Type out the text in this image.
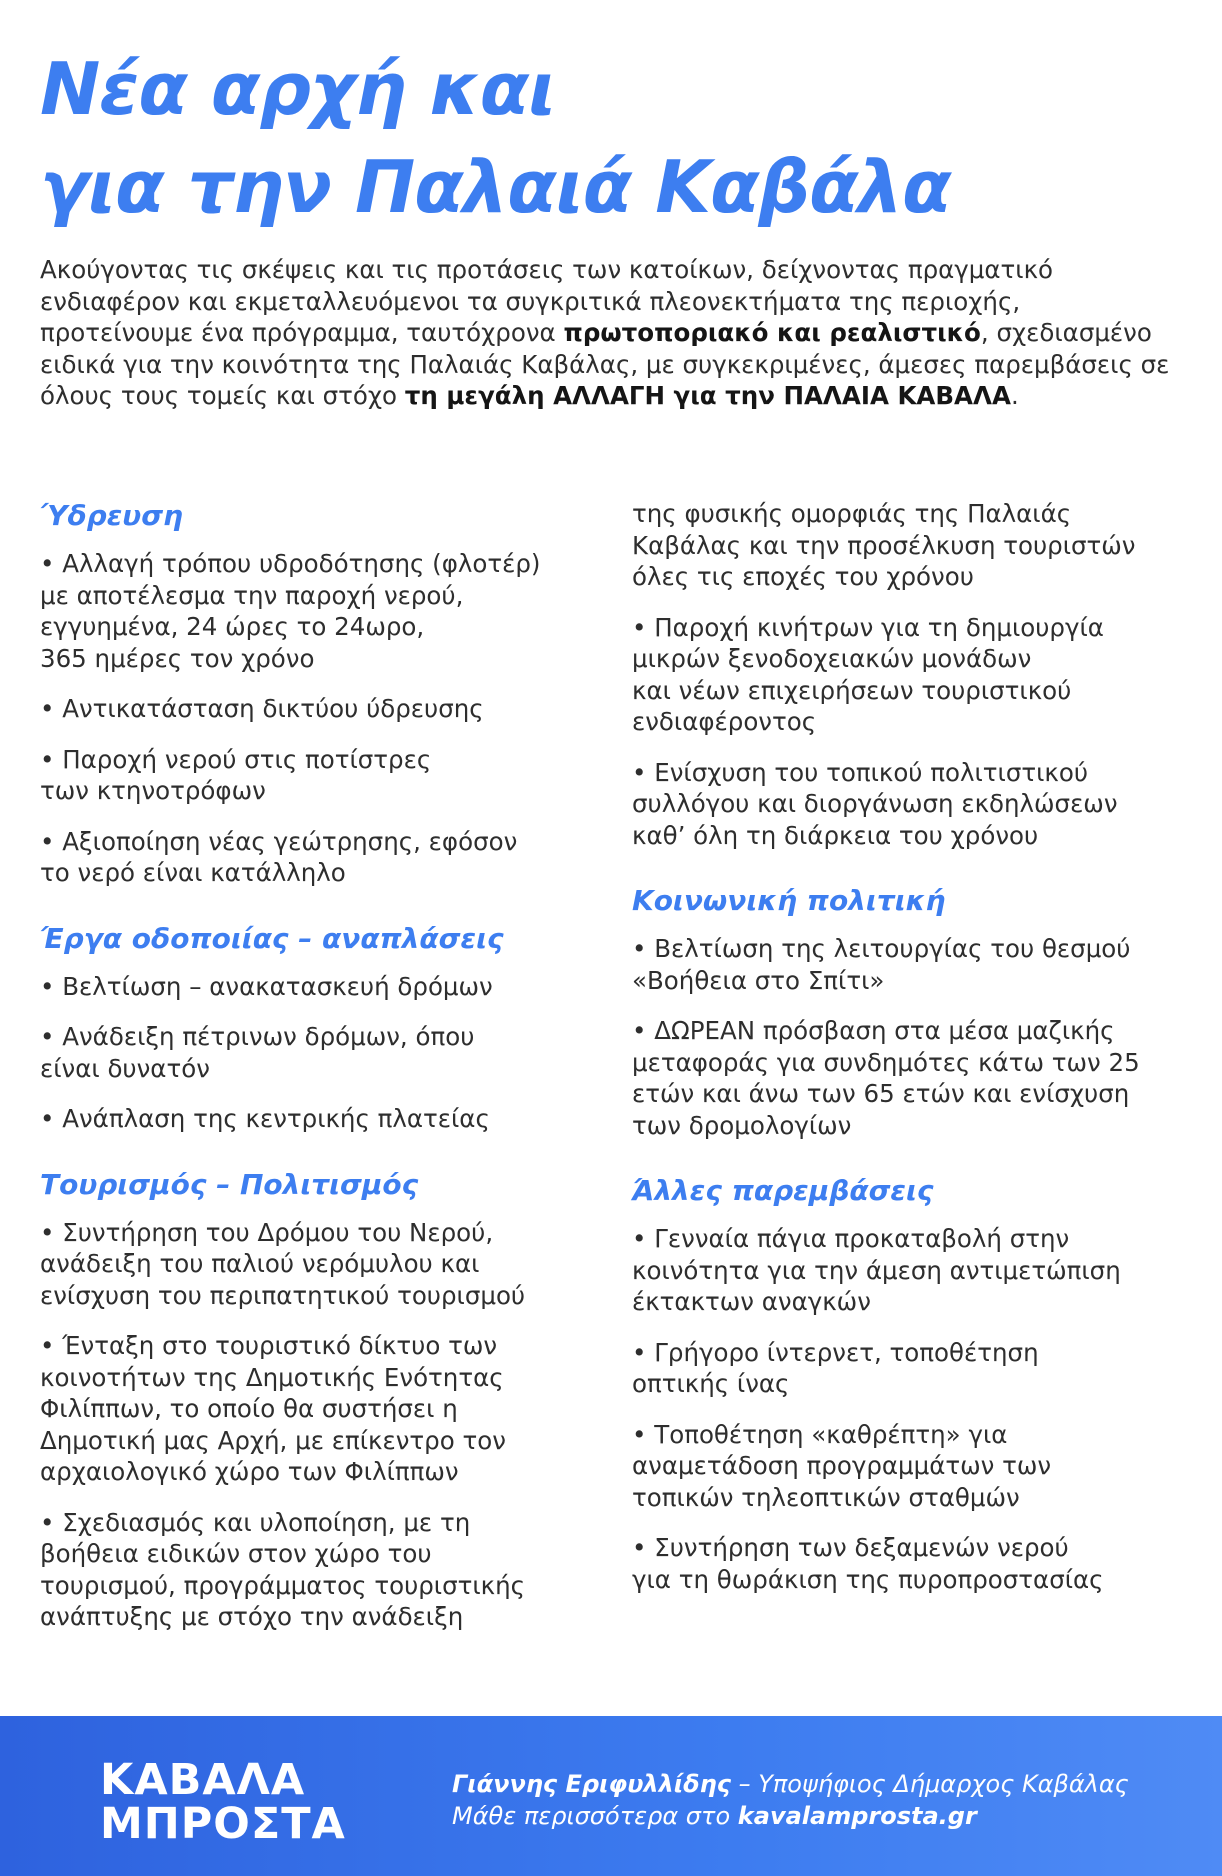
Νέα αρχή και
για την Παλαιά Καβάλα

Ακούγοντας τις σκέψεις και τις προτάσεις των κατοίκων, δείχνοντας πραγματικό ενδιαφέρον και εκμεταλλευόμενοι τα συγκριτικά πλεονεκτήματα της περιοχής, προτείνουμε ένα πρόγραμμα, ταυτόχρονα πρωτοποριακό και ρεαλιστικό, σχεδιασμένο ειδικά για την κοινότητα της Παλαιάς Καβάλας, με συγκεκριμένες, άμεσες παρεμβάσεις σε όλους τους τομείς και στόχο τη μεγάλη ΑΛΛΑΓΗ για την ΠΑΛΑΙΑ ΚΑΒΑΛΑ.

Ύδρευση

• Αλλαγή τρόπου υδροδότησης (φλοτέρ)
με αποτέλεσμα την παροχή νερού,
εγγυημένα, 24 ώρες το 24ωρο,
365 ημέρες τον χρόνο

• Αντικατάσταση δικτύου ύδρευσης

• Παροχή νερού στις ποτίστρες
των κτηνοτρόφων

• Αξιοποίηση νέας γεώτρησης, εφόσον
το νερό είναι κατάλληλο

Έργα οδοποιίας – αναπλάσεις

• Βελτίωση – ανακατασκευή δρόμων

• Ανάδειξη πέτρινων δρόμων, όπου
είναι δυνατόν

• Ανάπλαση της κεντρικής πλατείας

Τουρισμός – Πολιτισμός

• Συντήρηση του Δρόμου του Νερού,
ανάδειξη του παλιού νερόμυλου και
ενίσχυση του περιπατητικού τουρισμού

• Ένταξη στο τουριστικό δίκτυο των
κοινοτήτων της Δημοτικής Ενότητας
Φιλίππων, το οποίο θα συστήσει η
Δημοτική μας Αρχή, με επίκεντρο τον
αρχαιολογικό χώρο των Φιλίππων

• Σχεδιασμός και υλοποίηση, με τη
βοήθεια ειδικών στον χώρο του
τουρισμού, προγράμματος τουριστικής
ανάπτυξης με στόχο την ανάδειξη

της φυσικής ομορφιάς της Παλαιάς
Καβάλας και την προσέλκυση τουριστών
όλες τις εποχές του χρόνου

• Παροχή κινήτρων για τη δημιουργία
μικρών ξενοδοχειακών μονάδων
και νέων επιχειρήσεων τουριστικού
ενδιαφέροντος

• Ενίσχυση του τοπικού πολιτιστικού
συλλόγου και διοργάνωση εκδηλώσεων
καθ’ όλη τη διάρκεια του χρόνου

Κοινωνική πολιτική

• Βελτίωση της λειτουργίας του θεσμού
«Βοήθεια στο Σπίτι»

• ΔΩΡΕΑΝ πρόσβαση στα μέσα μαζικής
μεταφοράς για συνδημότες κάτω των 25
ετών και άνω των 65 ετών και ενίσχυση
των δρομολογίων

Άλλες παρεμβάσεις

• Γενναία πάγια προκαταβολή στην
κοινότητα για την άμεση αντιμετώπιση
έκτακτων αναγκών

• Γρήγορο ίντερνετ, τοποθέτηση
οπτικής ίνας

• Τοποθέτηση «καθρέπτη» για
αναμετάδοση προγραμμάτων των
τοπικών τηλεοπτικών σταθμών

• Συντήρηση των δεξαμενών νερού
για τη θωράκιση της πυροπροστασίας

ΚΑΒΑΛΑ
ΜΠΡΟΣΤΑ
Γιάννης Εριφυλλίδης – Υποψήφιος Δήμαρχος Καβάλας
Μάθε περισσότερα στο kavalamprosta.gr
